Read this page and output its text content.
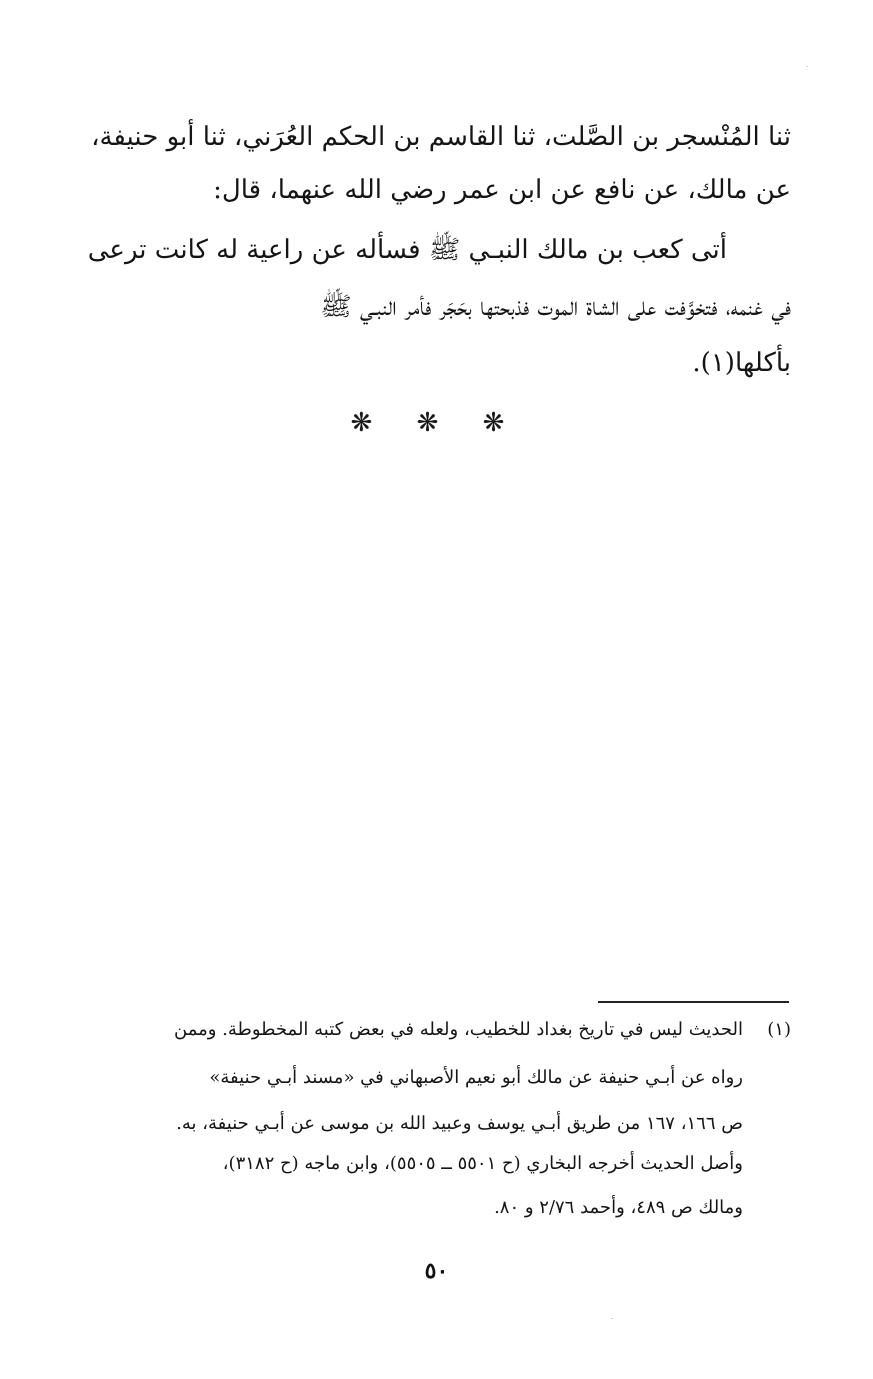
ثنا المُنْسجر بن الصَّلت، ثنا القاسم بن الحكم العُرَني، ثنا أبو حنيفة،
عن مالك، عن نافع عن ابن عمر رضي الله عنهما، قال:
أتى كعب بن مالك النبـي ﷺ فسأله عن راعية له كانت ترعى
في غنمه، فتخوَّفت على الشاة الموت فذبحتها بحَجَر فأمر النبـي ﷺ
بأكلها(١).
❋ ❋ ❋
(١)
الحديث ليس في تاريخ بغداد للخطيب، ولعله في بعض كتبه المخطوطة. وممن
رواه عن أبـي حنيفة عن مالك أبو نعيم الأصبهاني في «مسند أبـي حنيفة»
ص ١٦٦، ١٦٧ من طريق أبـي يوسف وعبيد الله بن موسى عن أبـي حنيفة، به.
وأصل الحديث أخرجه البخاري (ح ٥٥٠١ ــ ٥٥٠٥)، وابن ماجه (ح ٣١٨٢)،
ومالك ص ٤٨٩، وأحمد ٢/٧٦ و ٨٠.
٥٠
